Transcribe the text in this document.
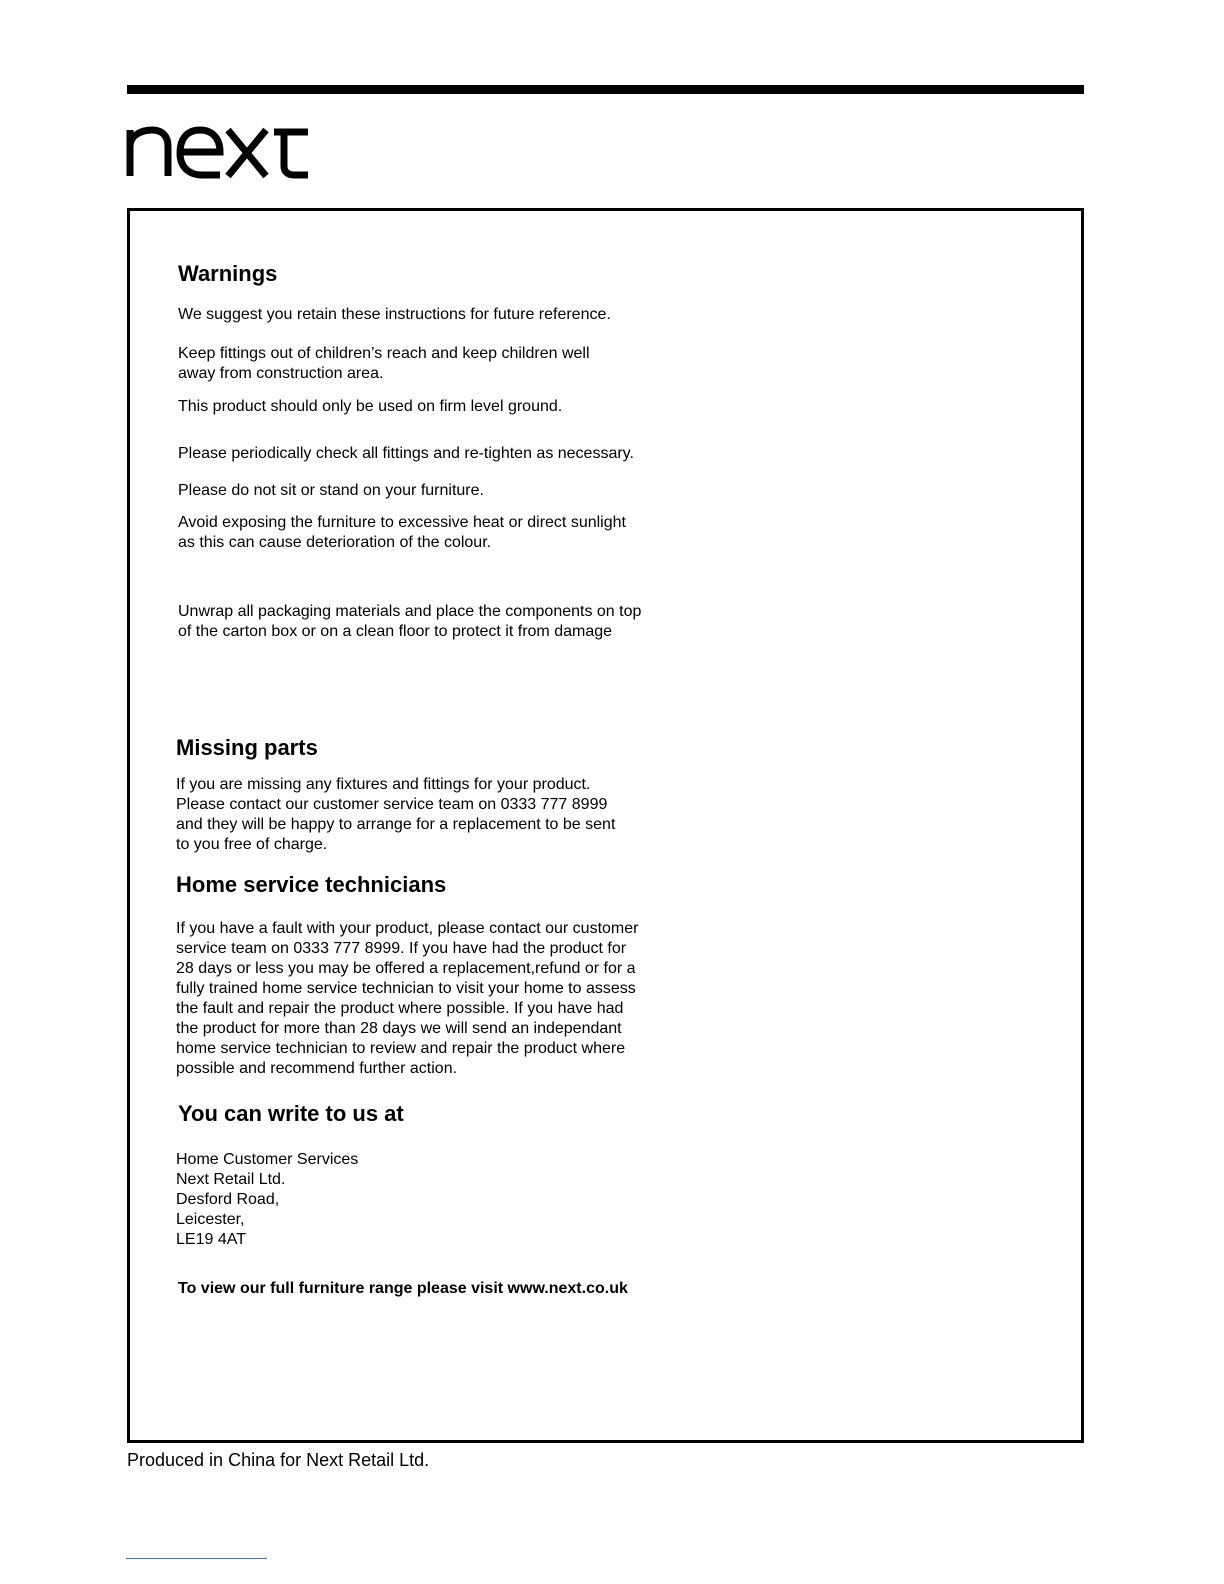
Warnings

We suggest you retain these instructions for future reference.

Keep fittings out of children’s reach and keep children well
away from construction area.

This product should only be used on firm level ground.

Please periodically check all fittings and re-tighten as necessary.

Please do not sit or stand on your furniture.

Avoid exposing the furniture to excessive heat or direct sunlight
as this can cause deterioration of the colour.

Unwrap all packaging materials and place the components on top
of the carton box or on a clean floor to protect it from damage

Missing parts

If you are missing any fixtures and fittings for your product.
Please contact our customer service team on 0333 777 8999
and they will be happy to arrange for a replacement to be sent
to you free of charge.

Home service technicians

If you have a fault with your product, please contact our customer
service team on 0333 777 8999. If you have had the product for
28 days or less you may be offered a replacement,refund or for a
fully trained home service technician to visit your home to assess
the fault and repair the product where possible. If you have had
the product for more than 28 days we will send an independant
home service technician to review and repair the product where
possible and recommend further action.

You can write to us at

Home Customer Services
Next Retail Ltd.
Desford Road,
Leicester,
LE19 4AT

To view our full furniture range please visit www.next.co.uk

Produced in China for Next Retail Ltd.
